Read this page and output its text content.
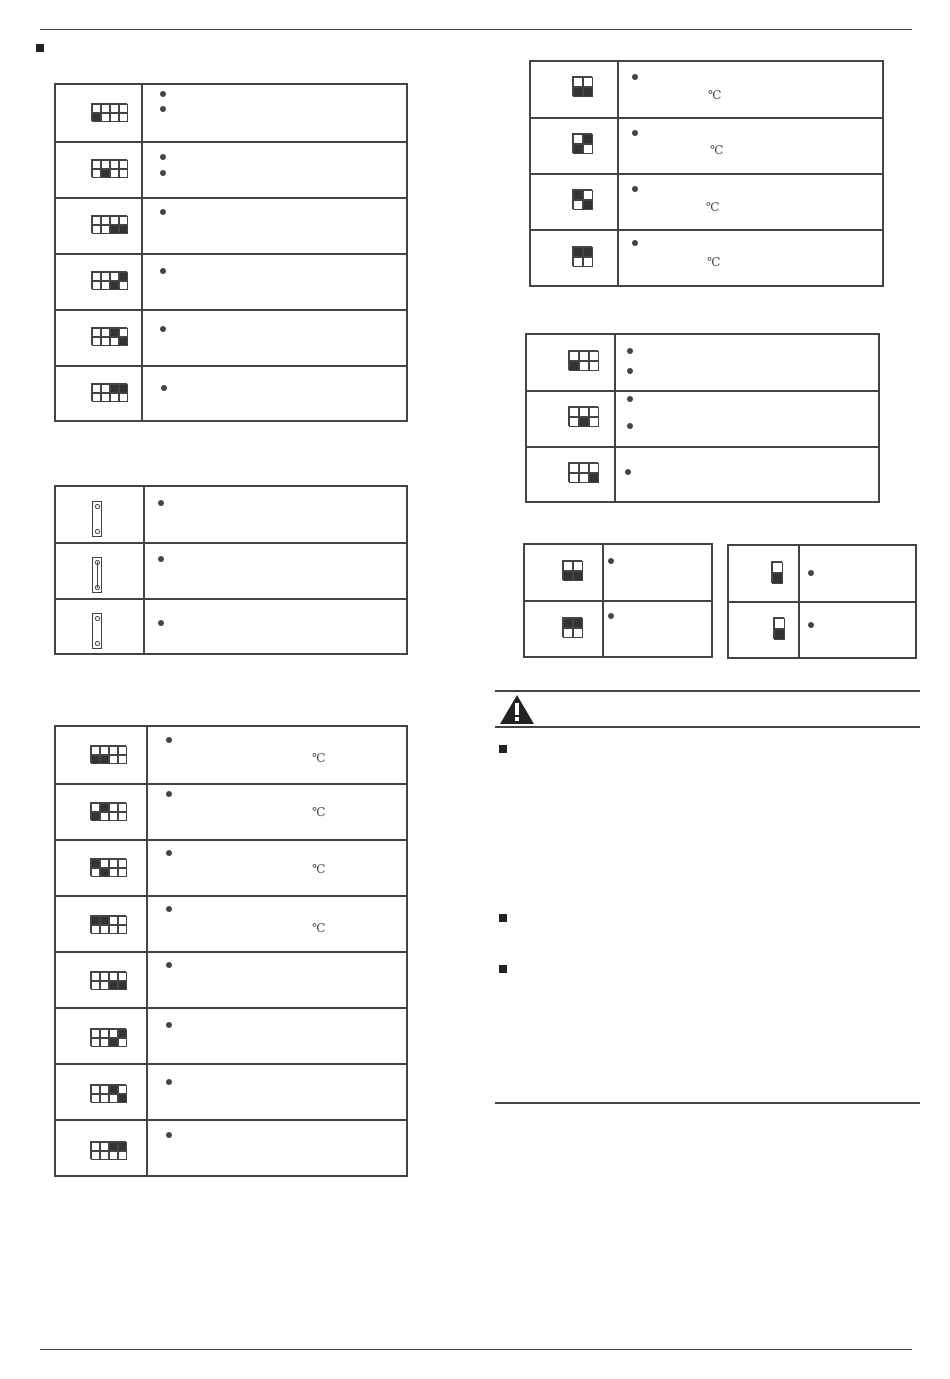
℃
℃
℃
℃
℃
℃
℃
℃
